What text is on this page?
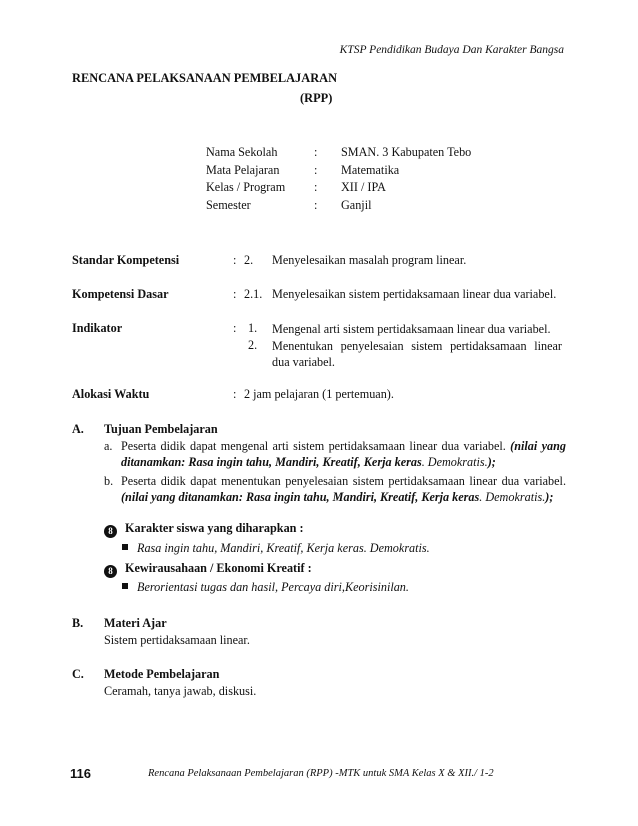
KTSP Pendidikan Budaya Dan Karakter Bangsa
RENCANA PELAKSANAAN PEMBELAJARAN
(RPP)
Nama Sekolah	:	SMAN. 3 Kabupaten Tebo
Mata Pelajaran	:	Matematika
Kelas / Program	:	XII / IPA
Semester	:	Ganjil
Standar Kompetensi	: 2. Menyelesaikan masalah program linear.
Kompetensi Dasar	: 2.1. Menyelesaikan sistem pertidaksamaan linear dua variabel.
Indikator	: 1. Mengenal arti sistem pertidaksamaan linear dua variabel.
2. Menentukan penyelesaian sistem pertidaksamaan linear dua variabel.
Alokasi Waktu	: 2 jam pelajaran (1 pertemuan).
A. Tujuan Pembelajaran
a. Peserta didik dapat mengenal arti sistem pertidaksamaan linear dua variabel. (nilai yang ditanamkan: Rasa ingin tahu, Mandiri, Kreatif, Kerja keras. Demokratis.);
b. Peserta didik dapat menentukan penyelesaian sistem pertidaksamaan linear dua variabel. (nilai yang ditanamkan: Rasa ingin tahu, Mandiri, Kreatif, Kerja keras. Demokratis.);
8 Karakter siswa yang diharapkan :
Rasa ingin tahu, Mandiri, Kreatif, Kerja keras. Demokratis.
8 Kewirausahaan / Ekonomi Kreatif :
Berorientasi tugas dan hasil, Percaya diri,Keorisinilan.
B. Materi Ajar
Sistem pertidaksamaan linear.
C. Metode Pembelajaran
Ceramah, tanya jawab, diskusi.
116	Rencana Pelaksanaan Pembelajaran (RPP) -MTK untuk SMA Kelas X & XII./ 1-2
